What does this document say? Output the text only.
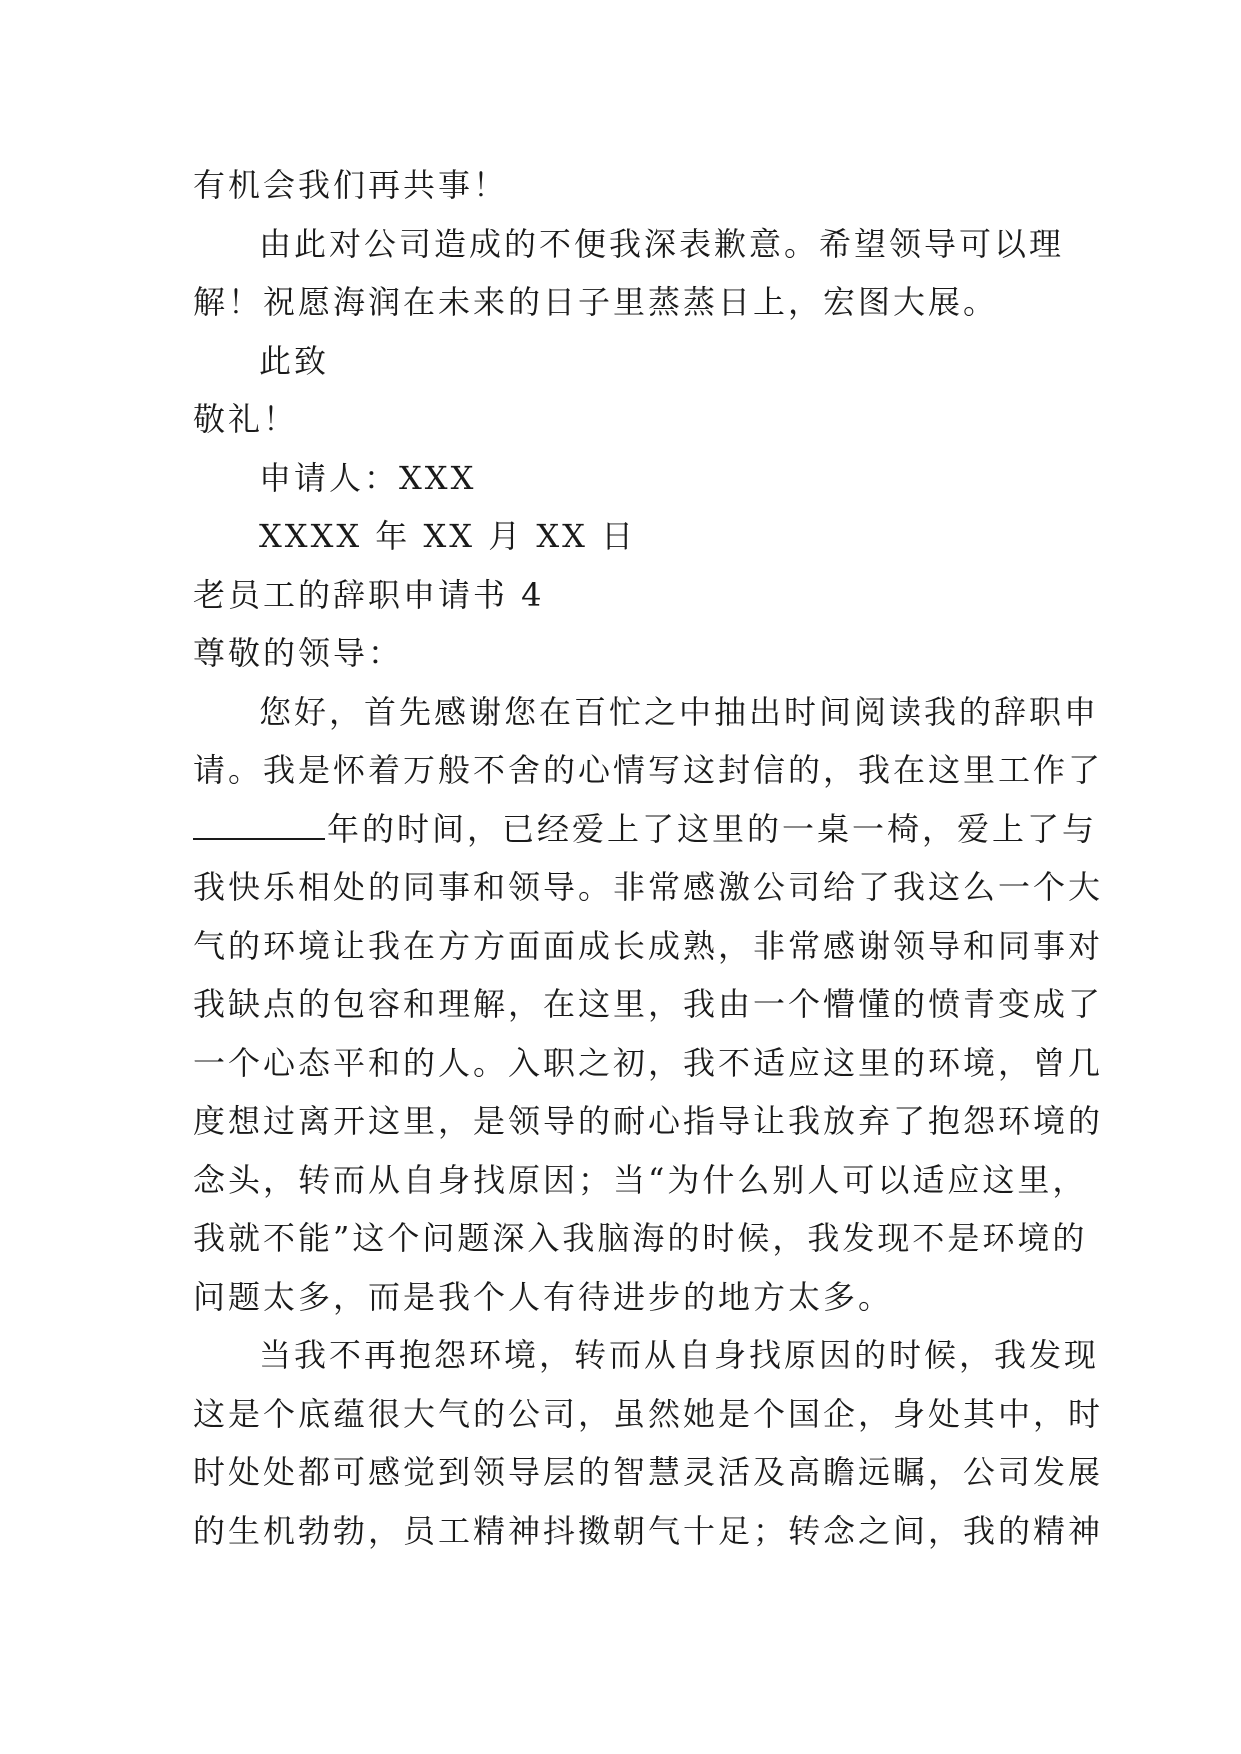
有机会我们再共事！
由此对公司造成的不便我深表歉意。希望领导可以理
解！祝愿海润在未来的日子里蒸蒸日上，宏图大展。
此致
敬礼！
申请人：XXX
XXXX 年 XX 月 XX 日
老员工的辞职申请书 4
尊敬的领导：
您好，首先感谢您在百忙之中抽出时间阅读我的辞职申
请。我是怀着万般不舍的心情写这封信的，我在这里工作了
年的时间，已经爱上了这里的一桌一椅，爱上了与
我快乐相处的同事和领导。非常感激公司给了我这么一个大
气的环境让我在方方面面成长成熟，非常感谢领导和同事对
我缺点的包容和理解，在这里，我由一个懵懂的愤青变成了
一个心态平和的人。入职之初，我不适应这里的环境，曾几
度想过离开这里，是领导的耐心指导让我放弃了抱怨环境的
念头，转而从自身找原因；当“为什么别人可以适应这里，
我就不能”这个问题深入我脑海的时候，我发现不是环境的
问题太多，而是我个人有待进步的地方太多。
当我不再抱怨环境，转而从自身找原因的时候，我发现
这是个底蕴很大气的公司，虽然她是个国企，身处其中，时
时处处都可感觉到领导层的智慧灵活及高瞻远瞩，公司发展
的生机勃勃，员工精神抖擞朝气十足；转念之间，我的精神
